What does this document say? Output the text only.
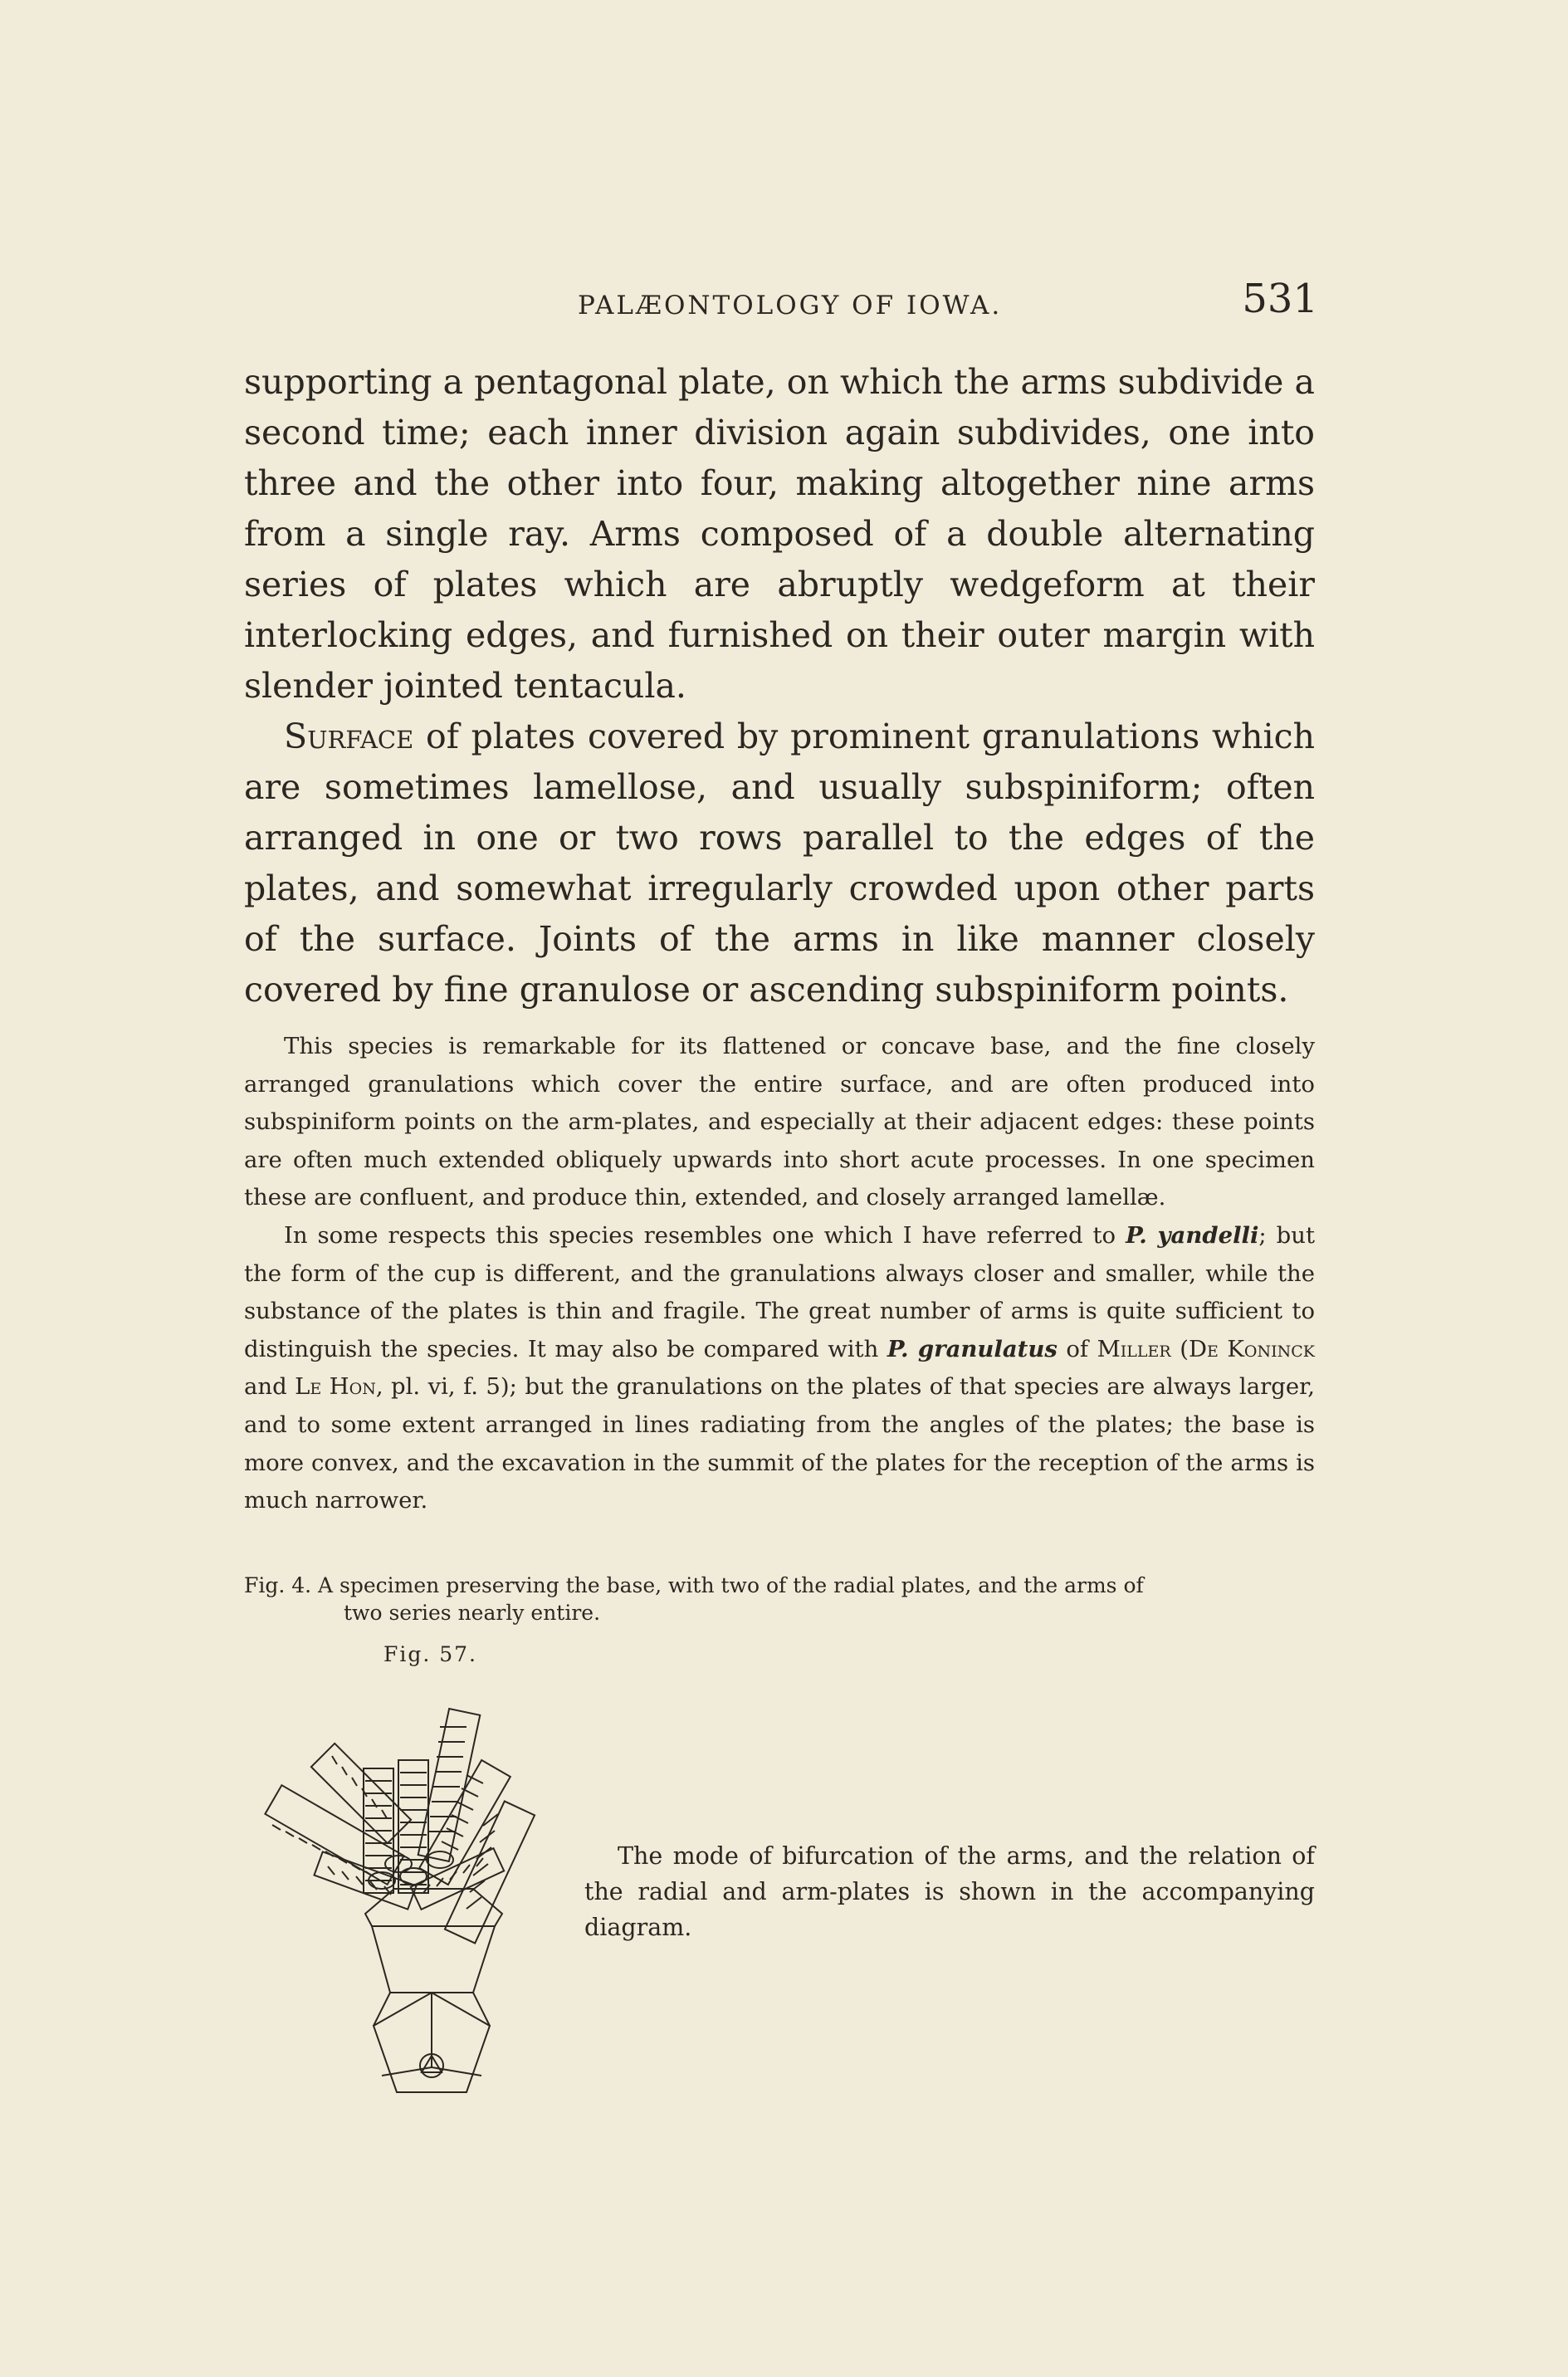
PALÆONTOLOGY OF IOWA.	531

supporting a pentagonal plate, on which the arms subdivide a second time; each inner division again subdivides, one into three and the other into four, making altogether nine arms from a single ray. Arms composed of a double alternating series of plates which are abruptly wedgeform at their interlocking edges, and furnished on their outer margin with slender jointed tentacula.

Surface of plates covered by prominent granulations which are sometimes lamellose, and usually subspiniform; often arranged in one or two rows parallel to the edges of the plates, and somewhat irregularly crowded upon other parts of the surface. Joints of the arms in like manner closely covered by fine granulose or ascending subspiniform points.

This species is remarkable for its flattened or concave base, and the fine closely arranged granulations which cover the entire surface, and are often produced into subspiniform points on the arm-plates, and especially at their adjacent edges: these points are often much extended obliquely upwards into short acute processes. In one specimen these are confluent, and produce thin, extended, and closely arranged lamellæ.

In some respects this species resembles one which I have referred to P. yandelli; but the form of the cup is different, and the granulations always closer and smaller, while the substance of the plates is thin and fragile. The great number of arms is quite sufficient to distinguish the species. It may also be compared with P. granulatus of Miller (De Koninck and Le Hon, pl. vi, f. 5); but the granulations on the plates of that species are always larger, and to some extent arranged in lines radiating from the angles of the plates; the base is more convex, and the excavation in the summit of the plates for the reception of the arms is much narrower.

Fig. 4. A specimen preserving the base, with two of the radial plates, and the arms of
two series nearly entire.
Fig. 57.

The mode of bifurcation of the arms, and the relation of the radial and arm-plates is shown in the accompanying diagram.
